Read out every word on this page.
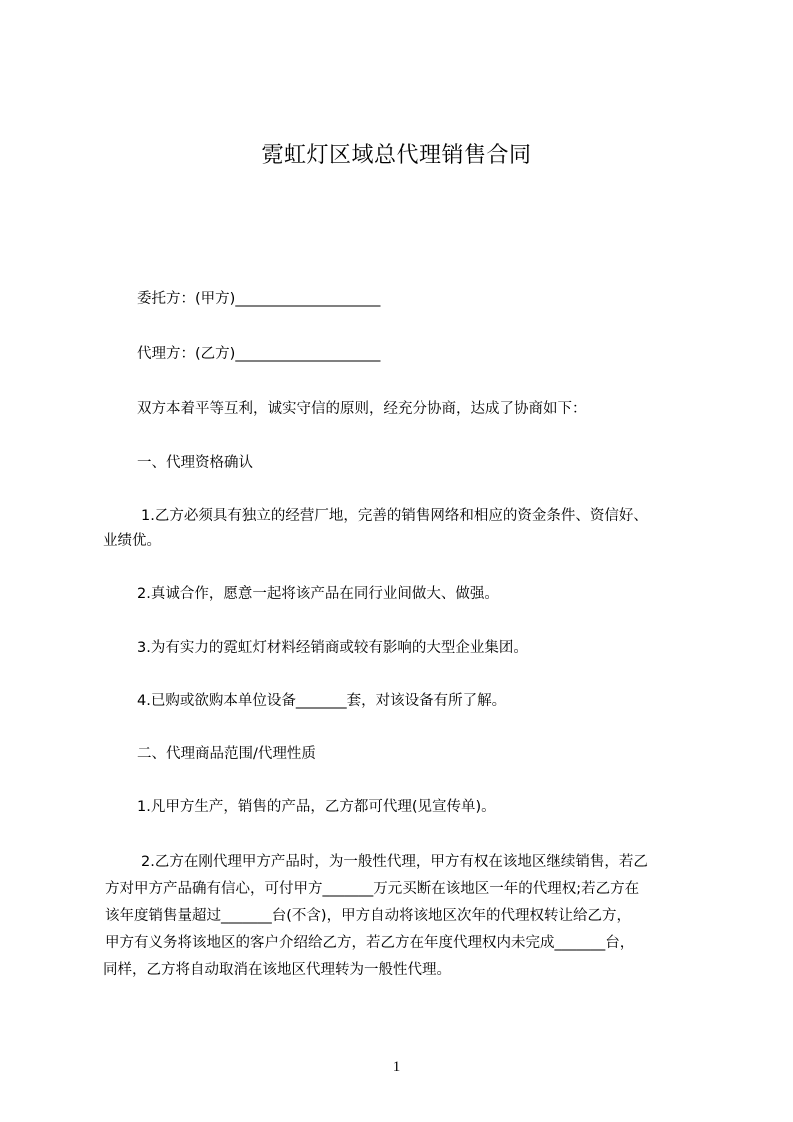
霓虹灯区域总代理销售合同
委托方：(甲方)____________________
代理方：(乙方)____________________
双方本着平等互利，诚实守信的原则，经充分协商，达成了协商如下：
一、代理资格确认
1.乙方必须具有独立的经营厂地，完善的销售网络和相应的资金条件、资信好、
业绩优。
2.真诚合作，愿意一起将该产品在同行业间做大、做强。
3.为有实力的霓虹灯材料经销商或较有影响的大型企业集团。
4.已购或欲购本单位设备_______套，对该设备有所了解。
二、代理商品范围/代理性质
1.凡甲方生产，销售的产品，乙方都可代理(见宣传单)。
2.乙方在刚代理甲方产品时，为一般性代理，甲方有权在该地区继续销售，若乙
方对甲方产品确有信心，可付甲方_______万元买断在该地区一年的代理权;若乙方在
该年度销售量超过_______台(不含)，甲方自动将该地区次年的代理权转让给乙方，
甲方有义务将该地区的客户介绍给乙方，若乙方在年度代理权内未完成_______台，
同样，乙方将自动取消在该地区代理转为一般性代理。
1
